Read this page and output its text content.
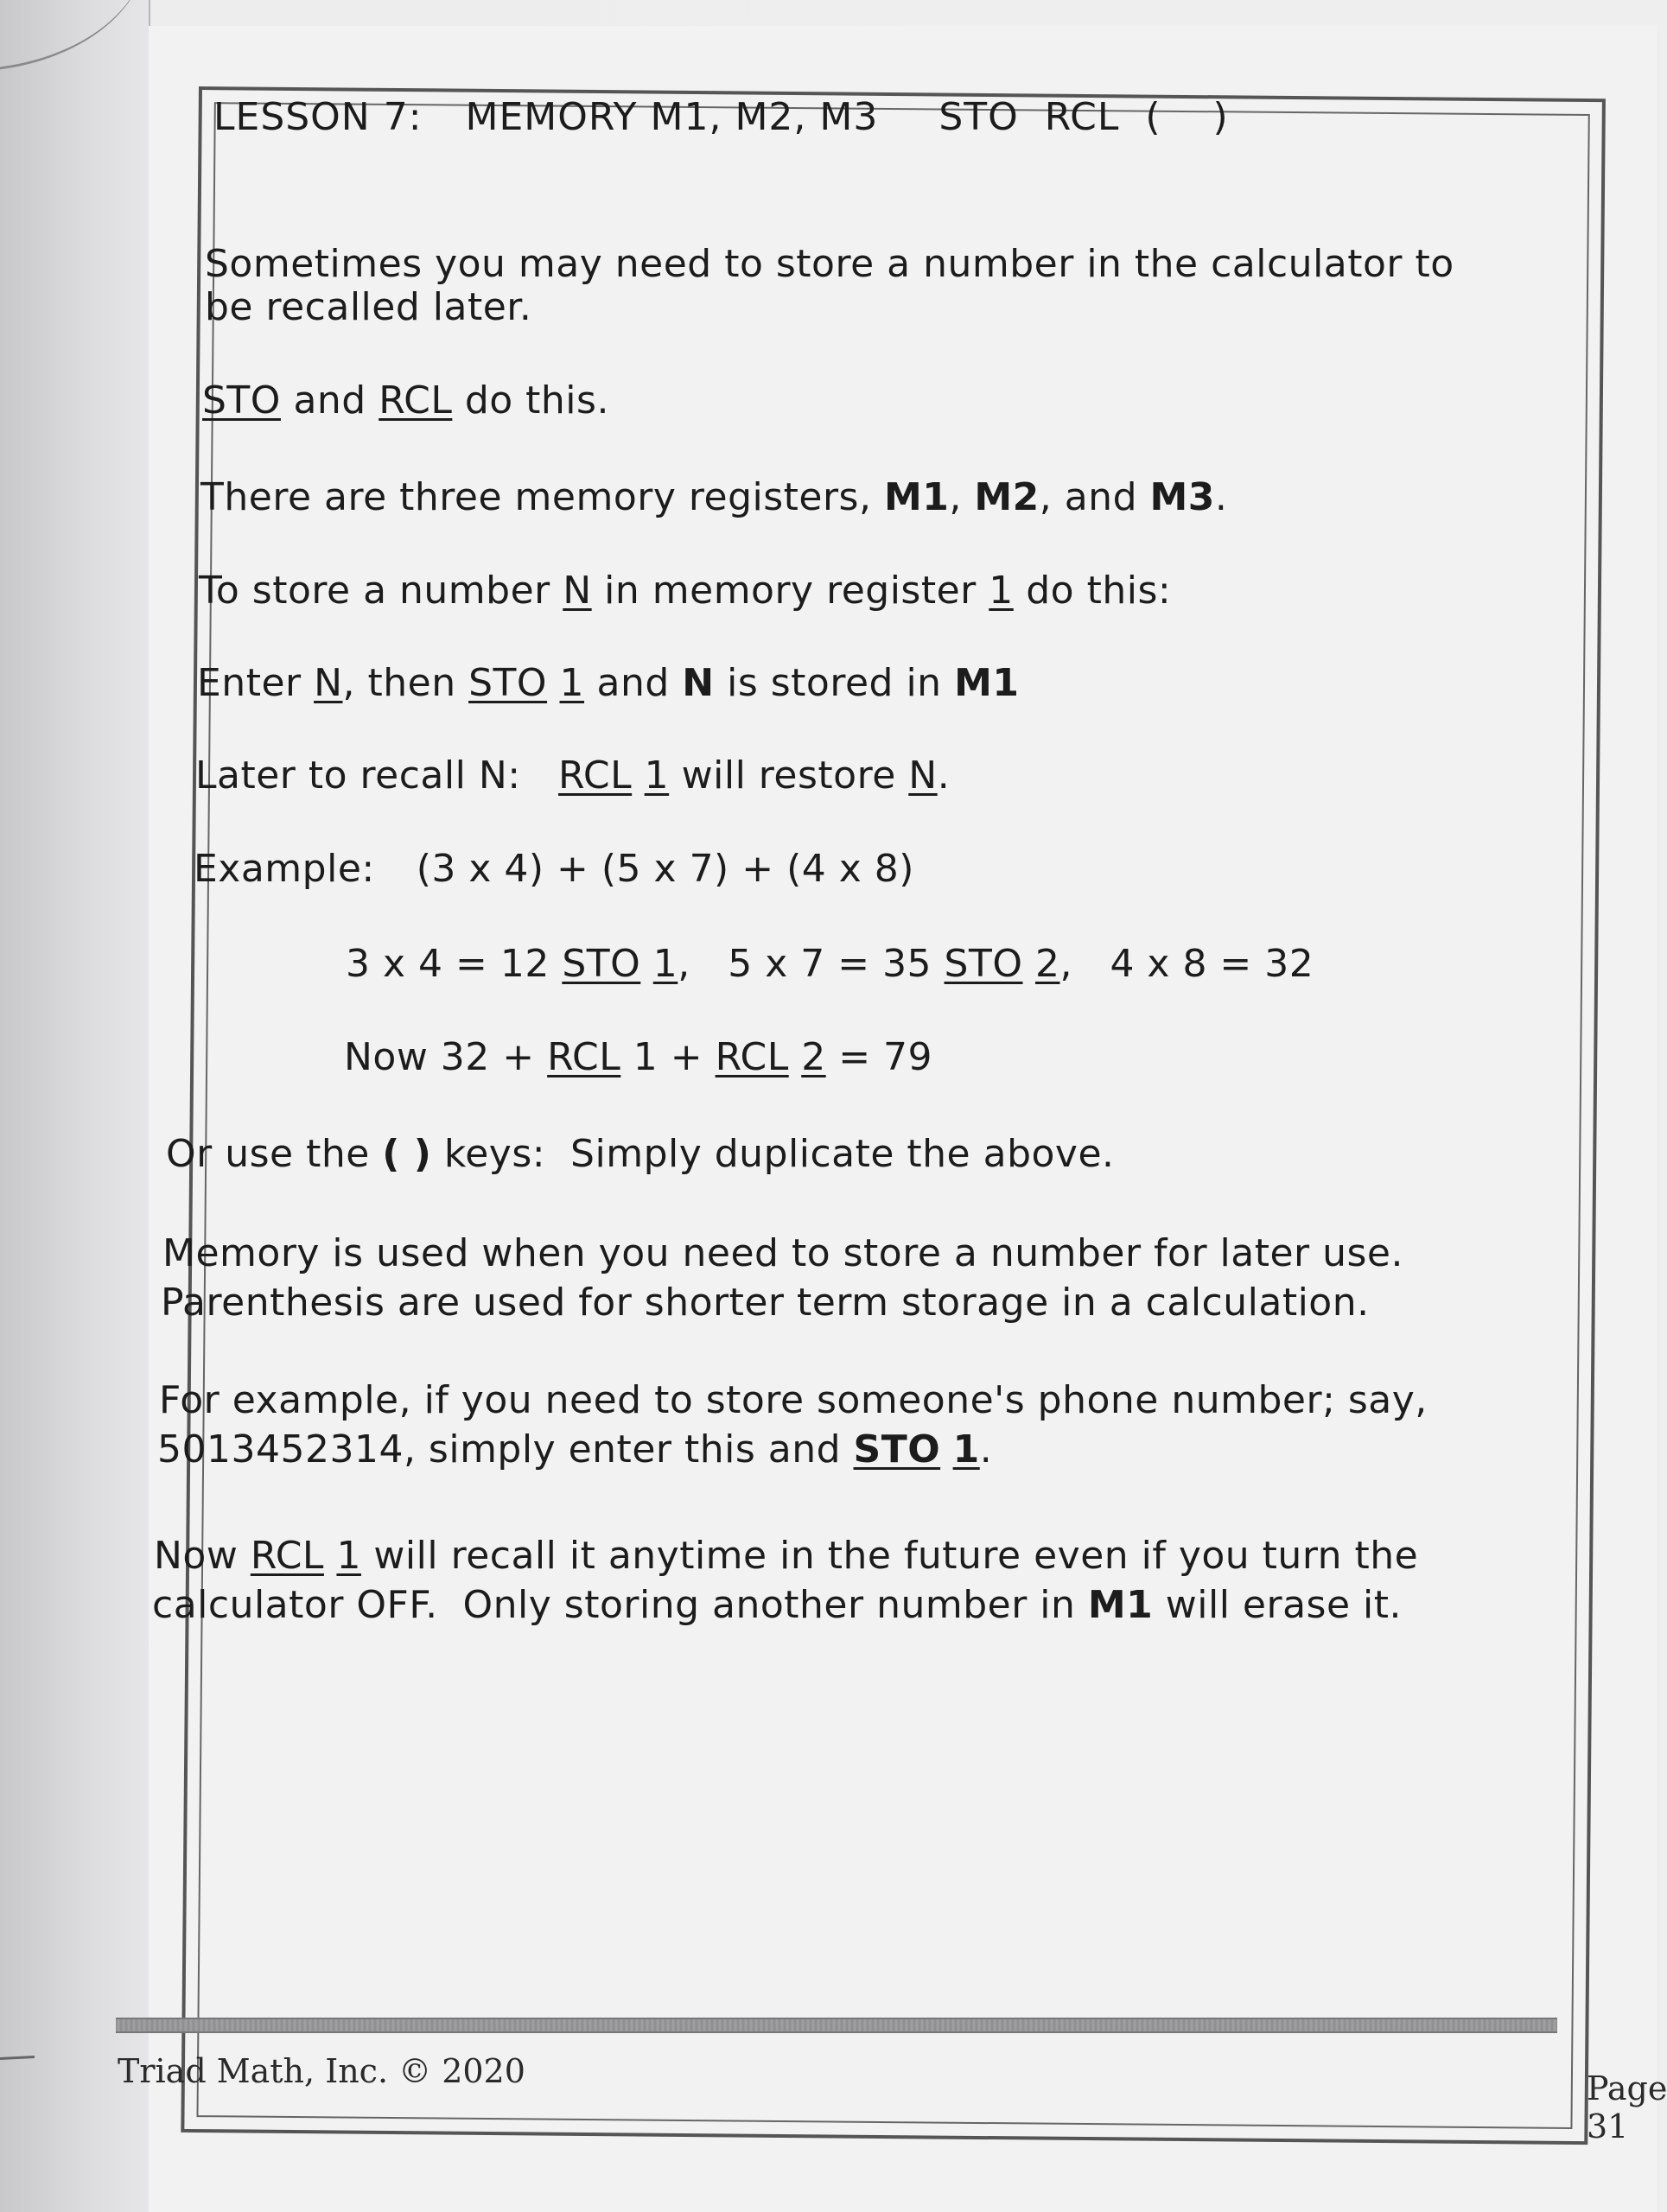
LESSON 7: MEMORY M1, M2, M3 STO  RCL  (    )
Sometimes you may need to store a number in the calculator to
be recalled later.
STO and RCL do this.
There are three memory registers, M1, M2, and M3.
To store a number N in memory register 1 do this:
Enter N, then STO 1 and N is stored in M1
Later to recall N:   RCL 1 will restore N.
Example: (3 x 4) + (5 x 7) + (4 x 8)
3 x 4 = 12 STO 1,   5 x 7 = 35 STO 2,   4 x 8 = 32
Now 32 + RCL 1 + RCL 2 = 79
Or use the ( ) keys:  Simply duplicate the above.
Memory is used when you need to store a number for later use.
Parenthesis are used for shorter term storage in a calculation.
For example, if you need to store someone's phone number; say,
5013452314, simply enter this and STO 1.
Now RCL 1 will recall it anytime in the future even if you turn the
calculator OFF.  Only storing another number in M1 will erase it.
Triad Math, Inc. © 2020	Page 31
